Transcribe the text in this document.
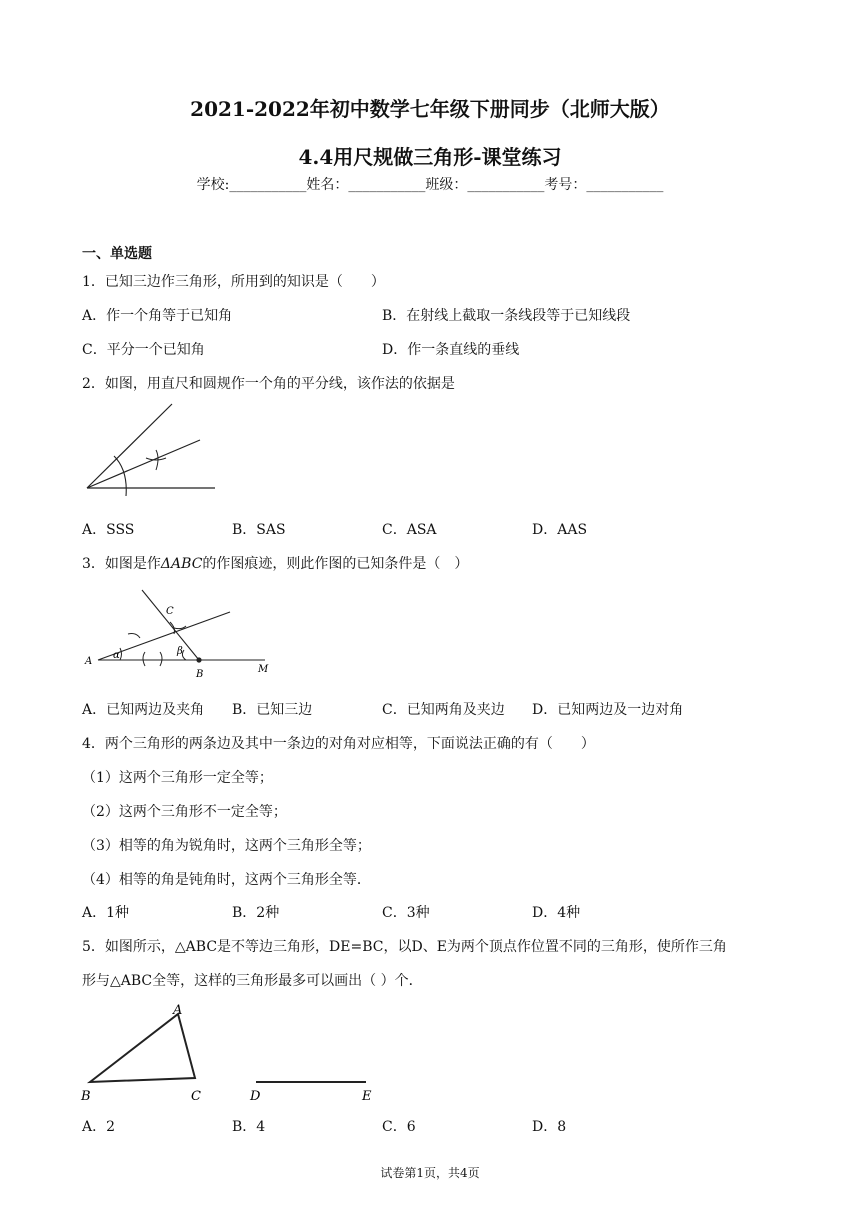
2021-2022年初中数学七年级下册同步（北师大版）
4.4用尺规做三角形-课堂练习
学校:___________姓名：___________班级：___________考号：___________
一、单选题
1．已知三边作三角形，所用到的知识是（　　）
A．作一个角等于已知角	B．在射线上截取一条线段等于已知线段
C．平分一个已知角	D．作一条直线的垂线
2．如图，用直尺和圆规作一个角的平分线，该作法的依据是
A．SSS	B．SAS	C．ASA	D．AAS
3．如图是作ΔABC的作图痕迹，则此作图的已知条件是（　）
A
B
C
M
α	β
A．已知两边及夹角 B．已知三边	C．已知两角及夹边 D．已知两边及一边对角
4．两个三角形的两条边及其中一条边的对角对应相等，下面说法正确的有（　　）
（1）这两个三角形一定全等；
（2）这两个三角形不一定全等；
（3）相等的角为锐角时，这两个三角形全等；
（4）相等的角是钝角时，这两个三角形全等．
A．1种	B．2种	C．3种	D．4种
5．如图所示，△ABC是不等边三角形，DE=BC，以D、E为两个顶点作位置不同的三角形，使所作三角
形与△ABC全等，这样的三角形最多可以画出（ ）个．
A
B	C	D	E
A．2	B．4	C．6	D．8
试卷第1页，共4页
